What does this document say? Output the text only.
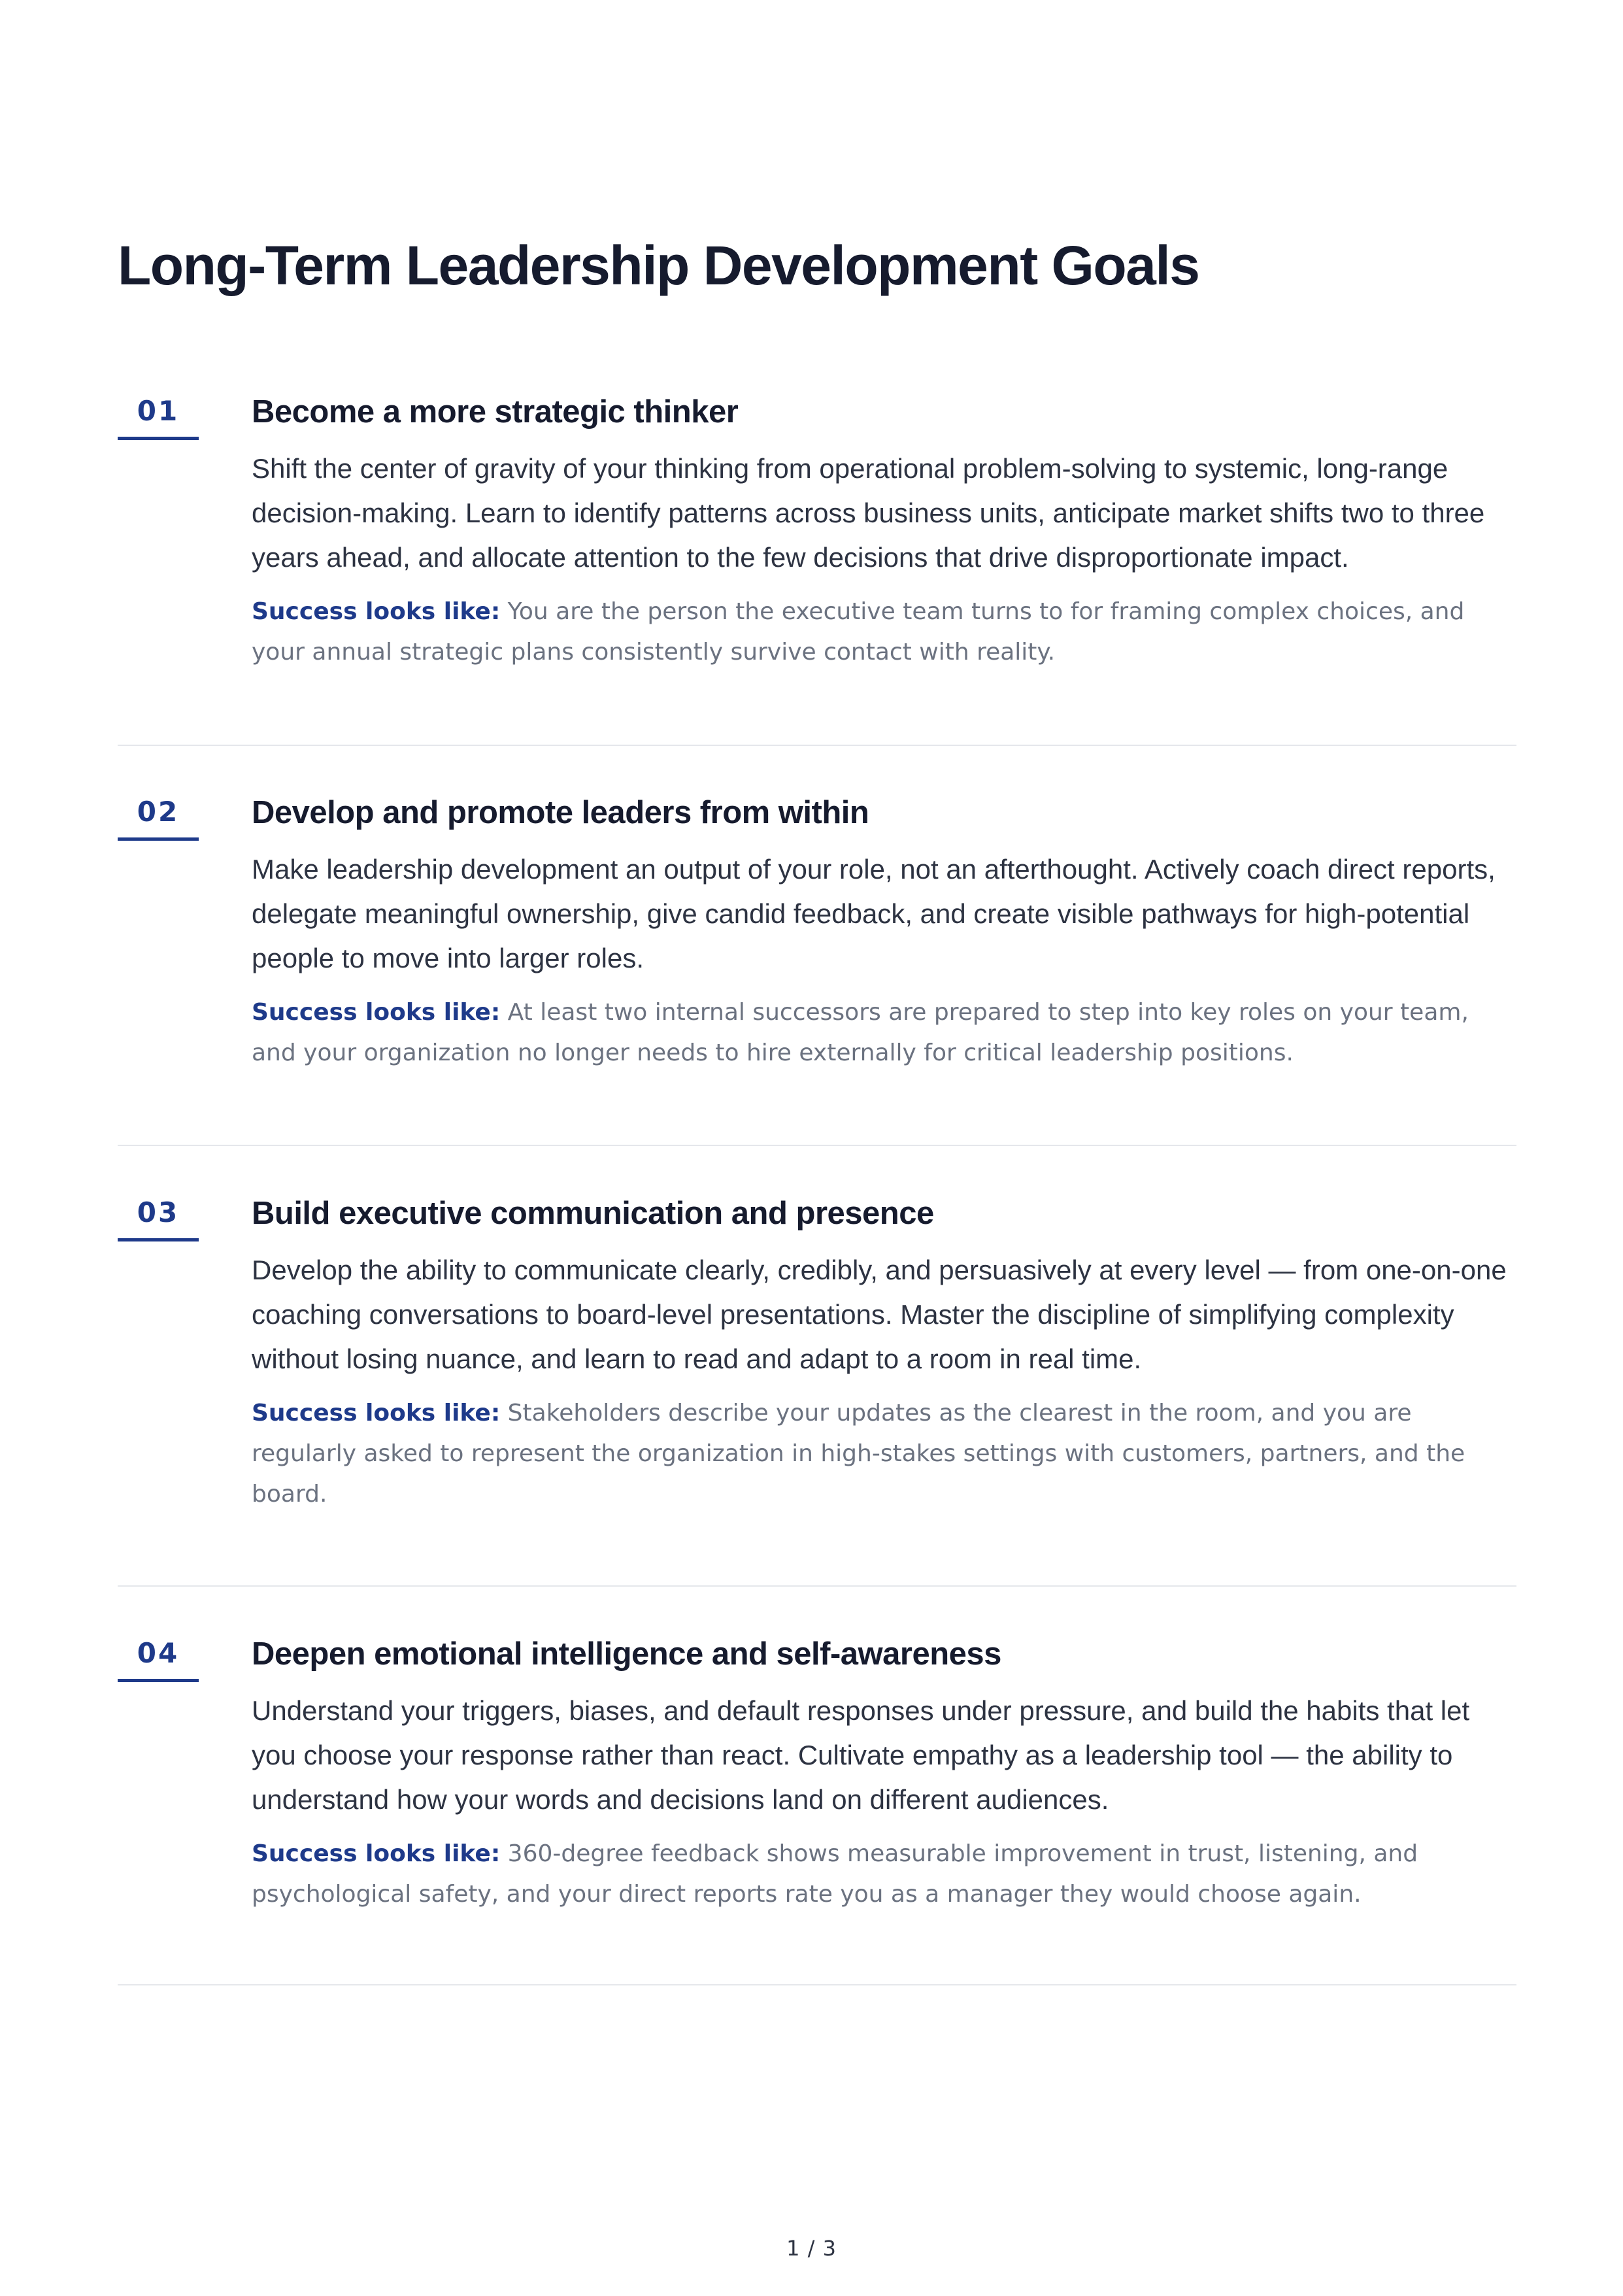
Long-Term Leadership Development Goals
01	Become a more strategic thinker

Shift the center of gravity of your thinking from operational problem-solving to systemic, long-range decision-making. Learn to identify patterns across business units, anticipate market shifts two to three years ahead, and allocate attention to the few decisions that drive disproportionate impact.

Success looks like: You are the person the executive team turns to for framing complex choices, and your annual strategic plans consistently survive contact with reality.

02	Develop and promote leaders from within

Make leadership development an output of your role, not an afterthought. Actively coach direct reports, delegate meaningful ownership, give candid feedback, and create visible pathways for high-potential people to move into larger roles.

Success looks like: At least two internal successors are prepared to step into key roles on your team, and your organization no longer needs to hire externally for critical leadership positions.

03	Build executive communication and presence

Develop the ability to communicate clearly, credibly, and persuasively at every level — from one-on-one coaching conversations to board-level presentations. Master the discipline of simplifying complexity without losing nuance, and learn to read and adapt to a room in real time.

Success looks like: Stakeholders describe your updates as the clearest in the room, and you are regularly asked to represent the organization in high-stakes settings with customers, partners, and the board.

04	Deepen emotional intelligence and self-awareness

Understand your triggers, biases, and default responses under pressure, and build the habits that let you choose your response rather than react. Cultivate empathy as a leadership tool — the ability to understand how your words and decisions land on different audiences.

Success looks like: 360-degree feedback shows measurable improvement in trust, listening, and psychological safety, and your direct reports rate you as a manager they would choose again.

1 / 3
